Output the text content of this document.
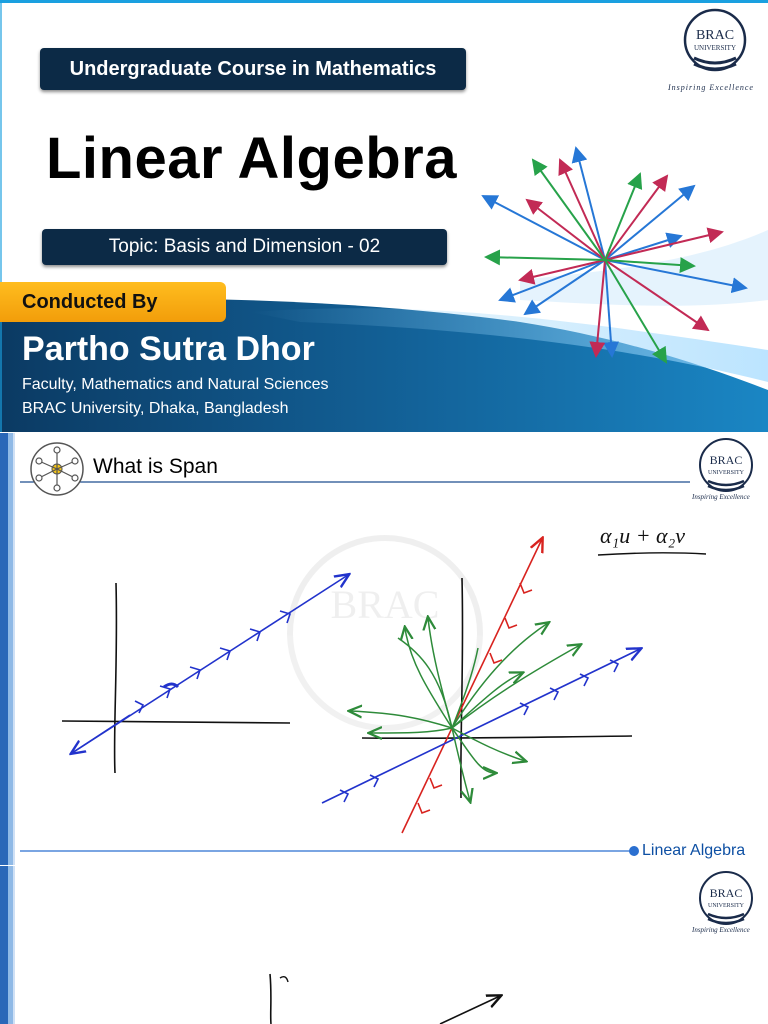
Undergraduate Course in Mathematics
Linear Algebra
Topic: Basis and Dimension - 02
Conducted By
Partho Sutra Dhor
Faculty, Mathematics and Natural Sciences
BRAC University, Dhaka, Bangladesh
BRAC
UNIVERSITY
Inspiring Excellence
BRAC
What is Span
α₁u + α₂v
Linear Algebra
BRAC
UNIVERSITY
Inspiring Excellence
BRAC
UNIVERSITY
Inspiring Excellence
